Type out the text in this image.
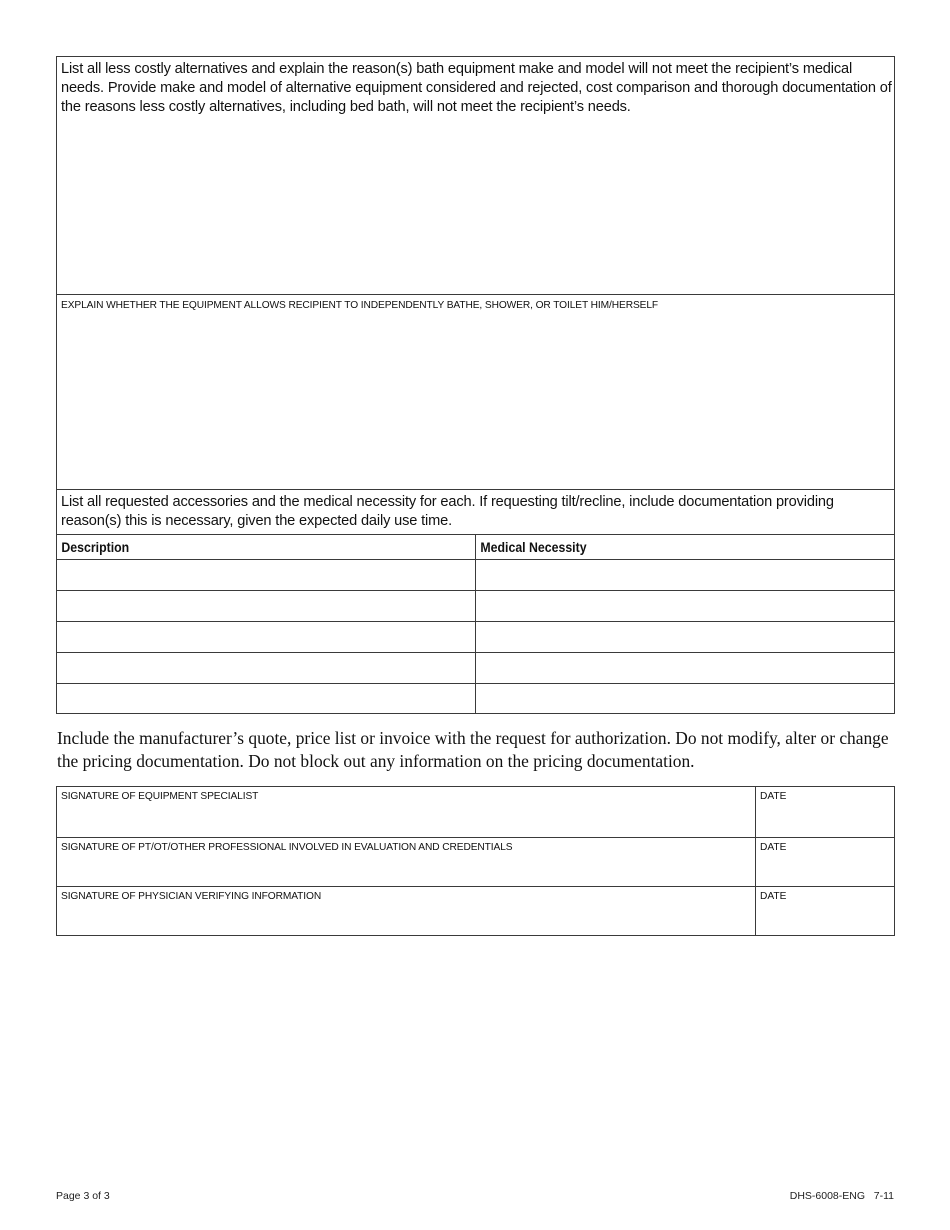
List all less costly alternatives and explain the reason(s) bath equipment make and model will not meet the recipient’s medical needs. Provide make and model of alternative equipment considered and rejected, cost comparison and thorough documentation of the reasons less costly alternatives, including bed bath, will not meet the recipient’s needs.
EXPLAIN WHETHER THE EQUIPMENT ALLOWS RECIPIENT TO INDEPENDENTLY BATHE, SHOWER, OR TOILET HIM/HERSELF
List all requested accessories and the medical necessity for each. If requesting tilt/recline, include documentation providing reason(s) this is necessary, given the expected daily use time.
Description	Medical Necessity
Include the manufacturer’s quote, price list or invoice with the request for authorization. Do not modify, alter or change the pricing documentation. Do not block out any information on the pricing documentation.
SIGNATURE OF EQUIPMENT SPECIALIST	DATE
SIGNATURE OF PT/OT/OTHER PROFESSIONAL INVOLVED IN EVALUATION AND CREDENTIALS	DATE
SIGNATURE OF PHYSICIAN VERIFYING INFORMATION	DATE
Page 3 of 3	DHS-6008-ENG   7-11
